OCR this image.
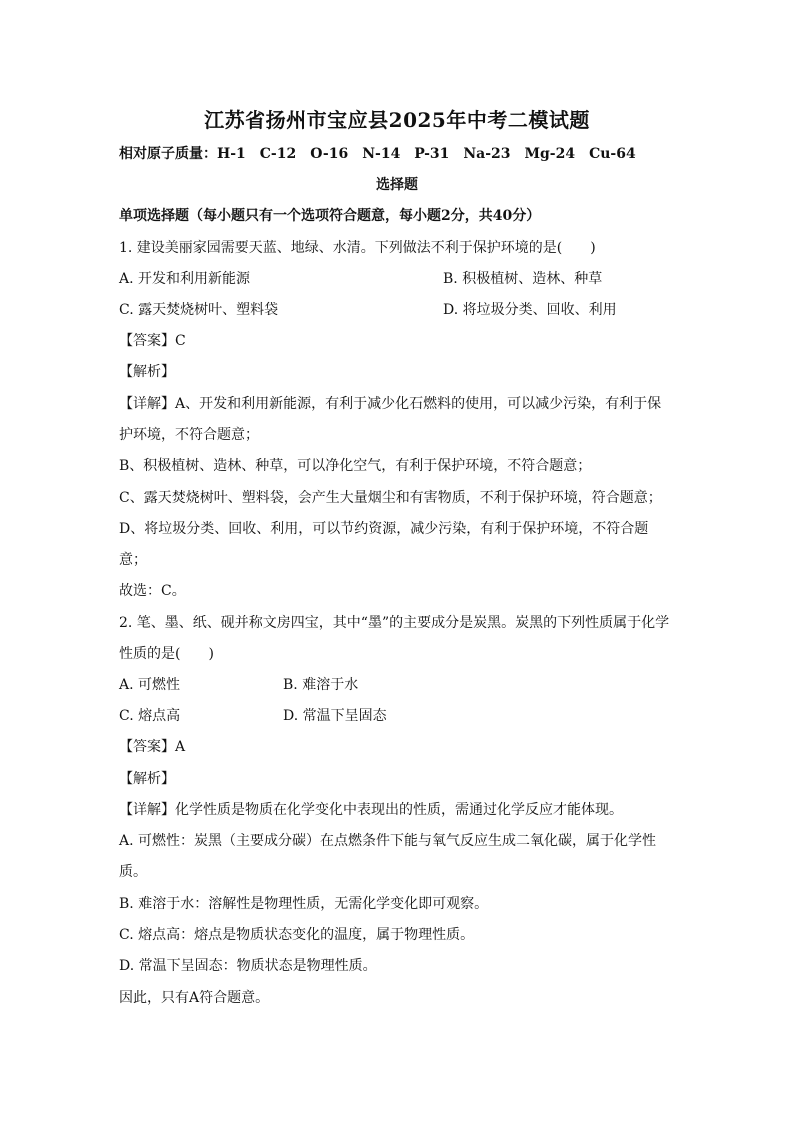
江苏省扬州市宝应县2025年中考二模试题
相对原子质量：H-1　C-12　O-16　N-14　P-31　Na-23　Mg-24　Cu-64
选择题
单项选择题（每小题只有一个选项符合题意，每小题2分，共40分）
1. 建设美丽家园需要天蓝、地绿、水清。下列做法不利于保护环境的是(　　)
A. 开发和利用新能源	B. 积极植树、造林、种草
C. 露天焚烧树叶、塑料袋	D. 将垃圾分类、回收、利用
【答案】C
【解析】
【详解】A、开发和利用新能源，有利于减少化石燃料的使用，可以减少污染，有利于保
护环境，不符合题意；
B、积极植树、造林、种草，可以净化空气，有利于保护环境，不符合题意；
C、露天焚烧树叶、塑料袋，会产生大量烟尘和有害物质，不利于保护环境，符合题意；
D、将垃圾分类、回收、利用，可以节约资源，减少污染，有利于保护环境，不符合题
意；
故选：C。
2. 笔、墨、纸、砚并称文房四宝，其中“墨”的主要成分是炭黑。炭黑的下列性质属于化学
性质的是(　　)
A. 可燃性	B. 难溶于水
C. 熔点高	D. 常温下呈固态
【答案】A
【解析】
【详解】化学性质是物质在化学变化中表现出的性质，需通过化学反应才能体现。
A. 可燃性：炭黑（主要成分碳）在点燃条件下能与氧气反应生成二氧化碳，属于化学性
质。
B. 难溶于水：溶解性是物理性质，无需化学变化即可观察。
C. 熔点高：熔点是物质状态变化的温度，属于物理性质。
D. 常温下呈固态：物质状态是物理性质。
因此，只有A符合题意。
